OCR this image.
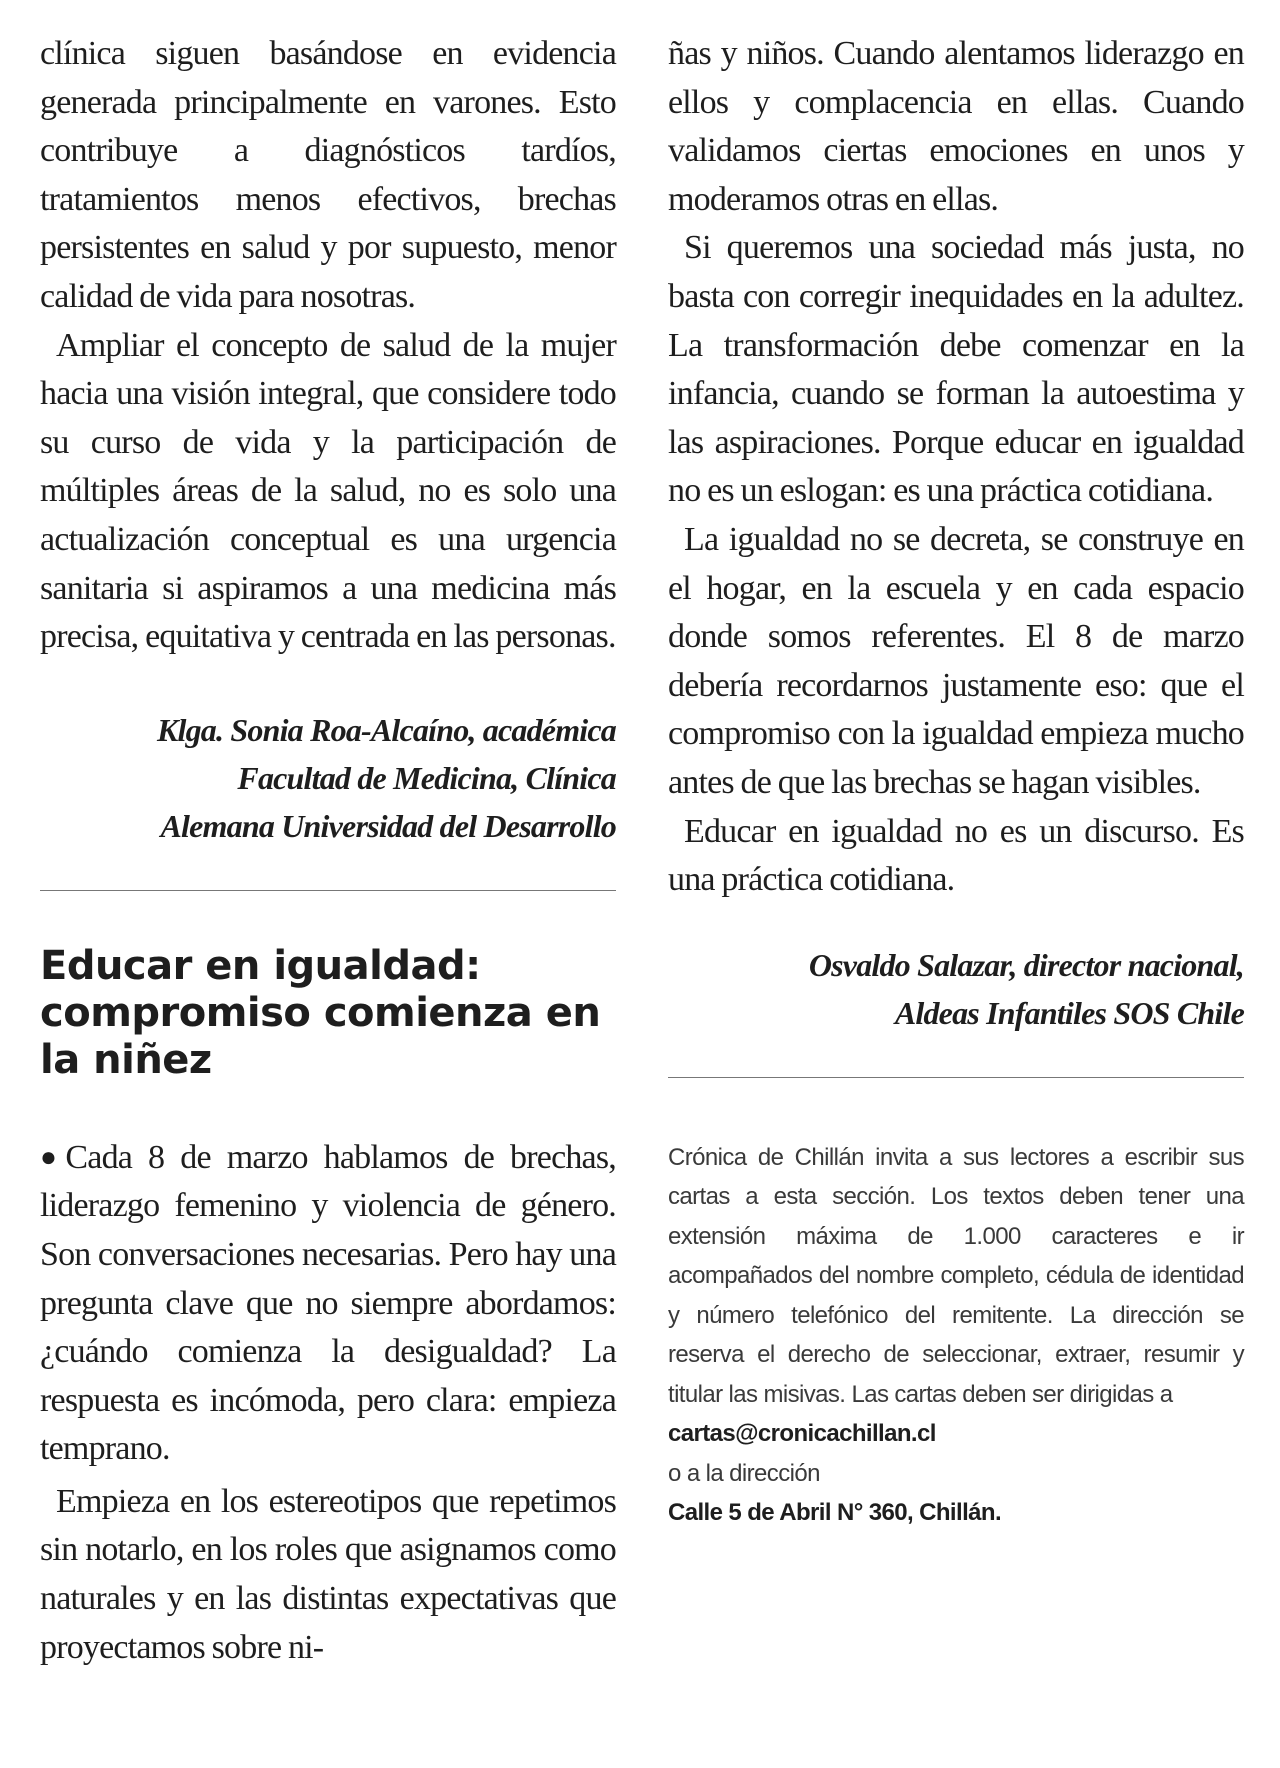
clínica siguen basándose en evidencia generada principalmente en varones. Esto contribuye a diagnósticos tardíos, tratamientos menos efectivos, brechas persistentes en salud y por supuesto, menor calidad de vida para nosotras.

Ampliar el concepto de salud de la mujer hacia una visión integral, que considere todo su curso de vida y la participación de múltiples áreas de la salud, no es solo una actualización conceptual es una urgencia sanitaria si aspiramos a una medicina más precisa, equitativa y centrada en las personas.

Klga. Sonia Roa-Alcaíno, académica
Facultad de Medicina, Clínica
Alemana Universidad del Desarrollo
Educar en igualdad: compromiso comienza en la niñez

●Cada 8 de marzo hablamos de brechas, liderazgo femenino y violencia de género. Son conversaciones necesarias. Pero hay una pregunta clave que no siempre abordamos: ¿cuándo comienza la desigualdad? La respuesta es incómoda, pero clara: empieza temprano.

Empieza en los estereotipos que repetimos sin notarlo, en los roles que asignamos como naturales y en las distintas expectativas que proyectamos sobre ni-

ñas y niños. Cuando alentamos liderazgo en ellos y complacencia en ellas. Cuando validamos ciertas emociones en unos y moderamos otras en ellas.

Si queremos una sociedad más justa, no basta con corregir inequidades en la adultez. La transformación debe comenzar en la infancia, cuando se forman la autoestima y las aspiraciones. Porque educar en igualdad no es un eslogan: es una práctica cotidiana.

La igualdad no se decreta, se construye en el hogar, en la escuela y en cada espacio donde somos referentes. El 8 de marzo debería recordarnos justamente eso: que el compromiso con la igualdad empieza mucho antes de que las brechas se hagan visibles.

Educar en igualdad no es un discurso. Es una práctica cotidiana.

Osvaldo Salazar, director nacional,
Aldeas Infantiles SOS Chile

Crónica de Chillán invita a sus lectores a escribir sus cartas a esta sección. Los textos deben tener una extensión máxima de 1.000 caracteres e ir acompañados del nombre completo, cédula de identidad y número telefónico del remitente. La dirección se reserva el derecho de seleccionar, extraer, resumir y titular las misivas. Las cartas deben ser dirigidas a

cartas@cronicachillan.cl

o a la dirección

Calle 5 de Abril N° 360, Chillán.
